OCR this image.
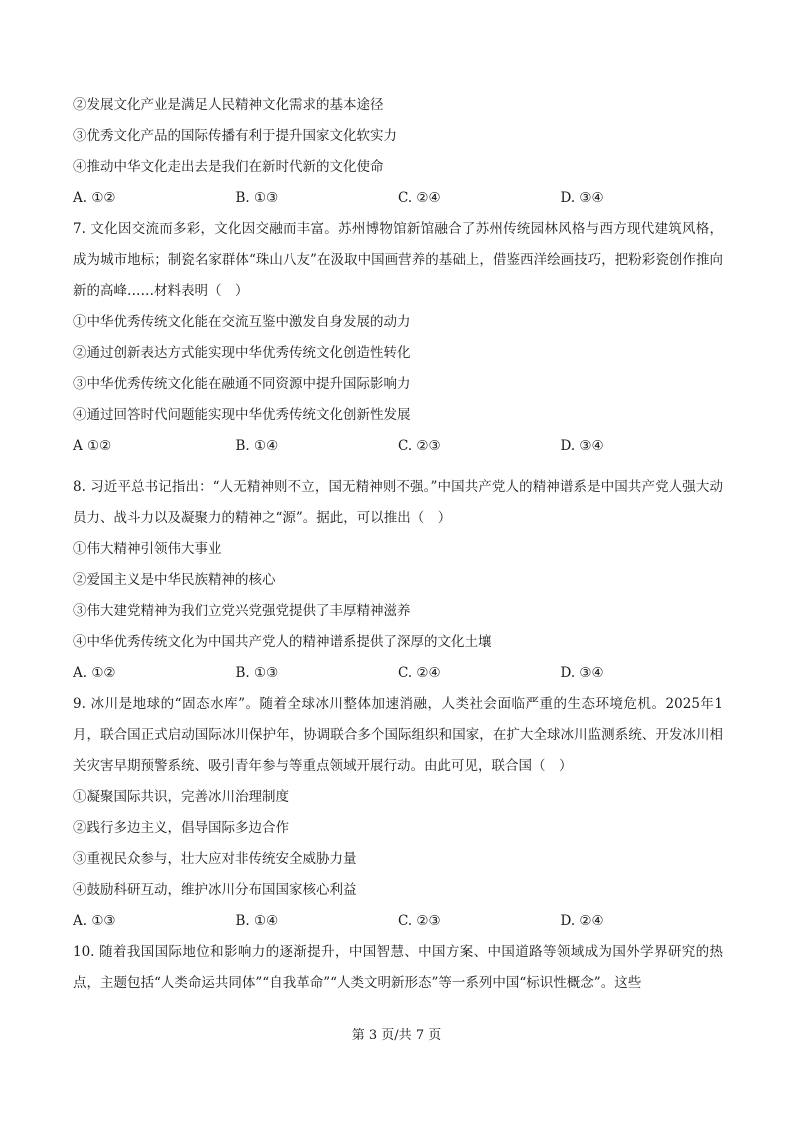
②发展文化产业是满足人民精神文化需求的基本途径
③优秀文化产品的国际传播有利于提升国家文化软实力
④推动中华文化走出去是我们在新时代新的文化使命
A. ①②	B. ①③	C. ②④	D. ③④
7. 文化因交流而多彩，文化因交融而丰富。苏州博物馆新馆融合了苏州传统园林风格与西方现代建筑风格，成为城市地标；制瓷名家群体“珠山八友”在汲取中国画营养的基础上，借鉴西洋绘画技巧，把粉彩瓷创作推向新的高峰……材料表明（　）
①中华优秀传统文化能在交流互鉴中激发自身发展的动力
②通过创新表达方式能实现中华优秀传统文化创造性转化
③中华优秀传统文化能在融通不同资源中提升国际影响力
④通过回答时代问题能实现中华优秀传统文化创新性发展
A ①②	B. ①④	C. ②③	D. ③④
8. 习近平总书记指出：“人无精神则不立，国无精神则不强。”中国共产党人的精神谱系是中国共产党人强大动员力、战斗力以及凝聚力的精神之“源”。据此，可以推出（　）
①伟大精神引领伟大事业
②爱国主义是中华民族精神的核心
③伟大建党精神为我们立党兴党强党提供了丰厚精神滋养
④中华优秀传统文化为中国共产党人的精神谱系提供了深厚的文化土壤
A. ①②	B. ①③	C. ②④	D. ③④
9. 冰川是地球的“固态水库”。随着全球冰川整体加速消融，人类社会面临严重的生态环境危机。2025年1月，联合国正式启动国际冰川保护年，协调联合多个国际组织和国家，在扩大全球冰川监测系统、开发冰川相关灾害早期预警系统、吸引青年参与等重点领域开展行动。由此可见，联合国（　）
①凝聚国际共识，完善冰川治理制度
②践行多边主义，倡导国际多边合作
③重视民众参与，壮大应对非传统安全威胁力量
④鼓励科研互动，维护冰川分布国国家核心利益
A. ①③	B. ①④	C. ②③	D. ②④
10. 随着我国国际地位和影响力的逐渐提升，中国智慧、中国方案、中国道路等领域成为国外学界研究的热点，主题包括“人类命运共同体”“自我革命”“人类文明新形态”等一系列中国“标识性概念”。这些
第 3 页/共 7 页
